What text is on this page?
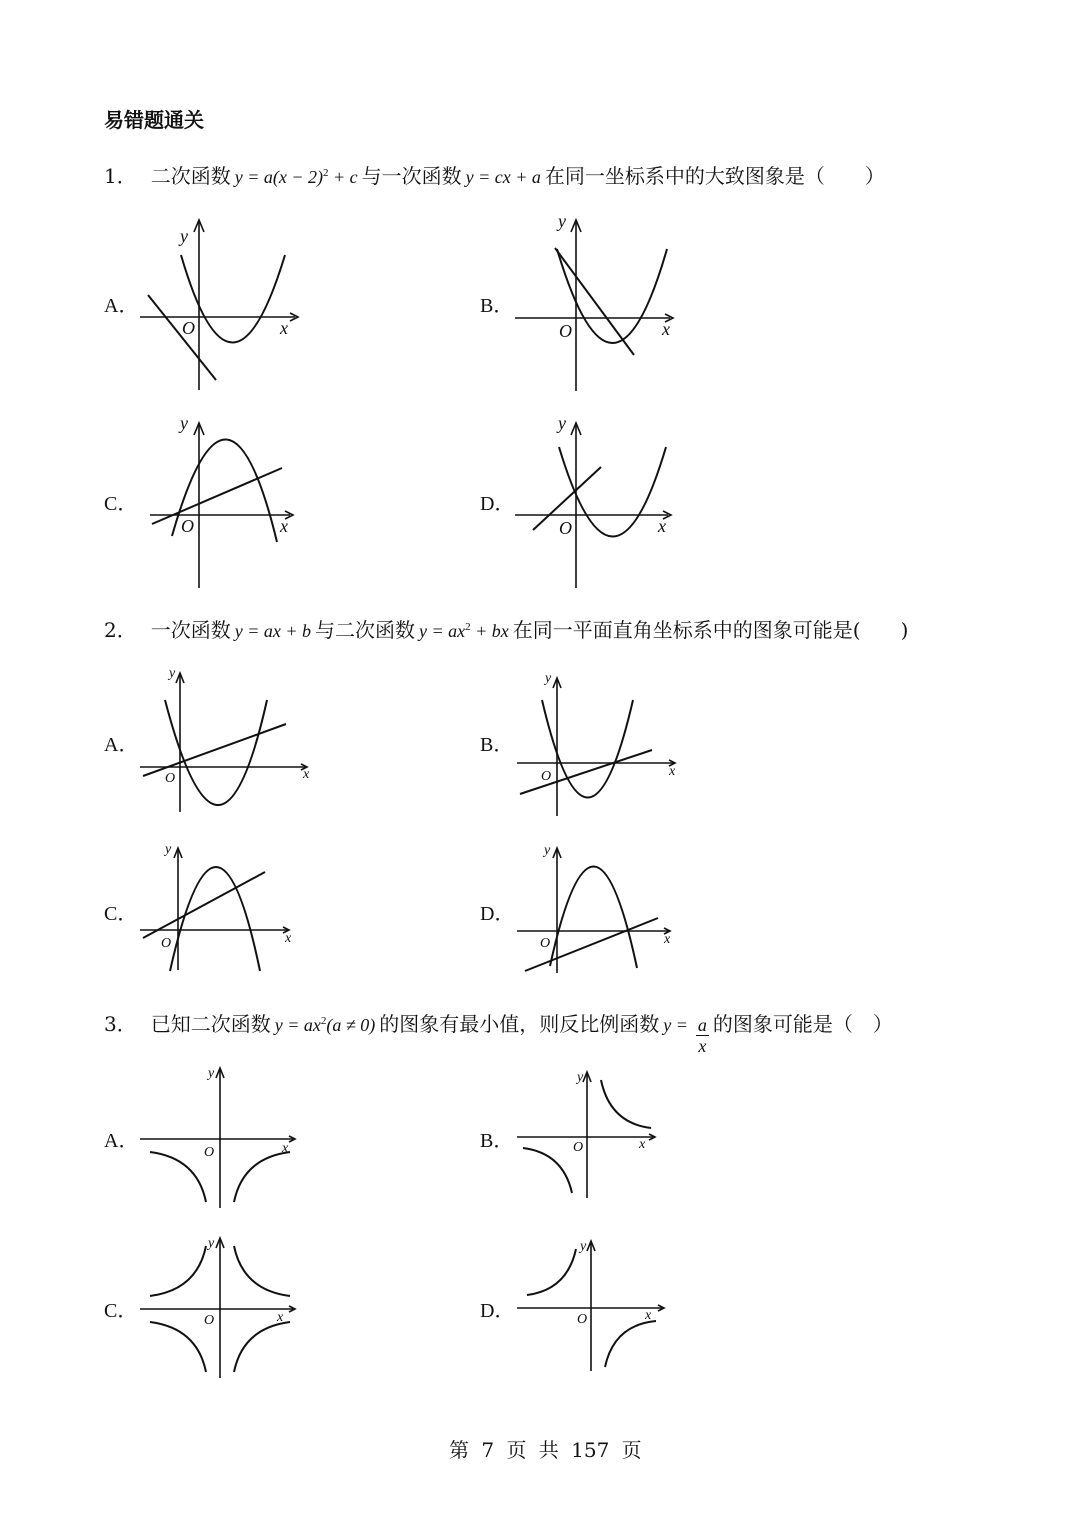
易错题通关
1． 二次函数 $y = a(x - 2)^2 + c$ 与一次函数 y = cx + a 在同一坐标系中的大致图象是（　　）
A．	B．
C．	D．
y
x
O
y
x
O
y
x
O
y
x
O
2． 一次函数 y = ax + b 与二次函数 $y = ax^2$ + bx 在同一平面直角坐标系中的图象可能是(　　)
A．	B．
C．	D．
y
x
O
y
x
O
y
x
O
y
x
O
3． 已知二次函数 $y = ax^2(a \ne 0)$ 的图象有最小值，则反比例函数 $y = \frac{a}{x}$ 的图象可能是（　）
A．	B．
C．	D．
y
x
O
y
x
O
y
x
O
y
x
O
第 7 页 共 157 页
